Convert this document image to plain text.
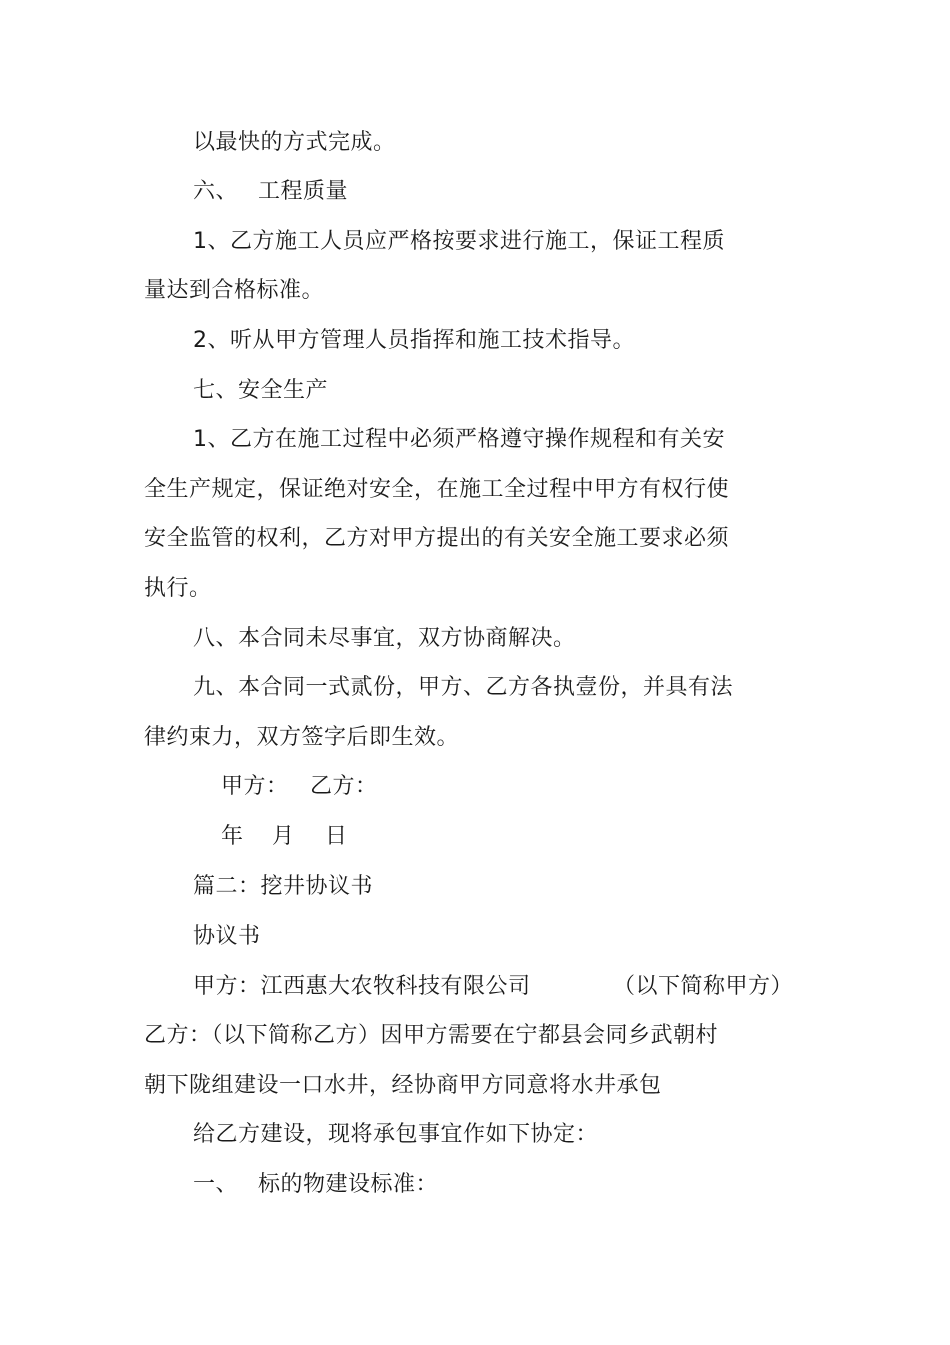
以最快的方式完成。
六、 工程质量
1、乙方施工人员应严格按要求进行施工，保证工程质
量达到合格标准。
2、听从甲方管理人员指挥和施工技术指导。
七、安全生产
1、乙方在施工过程中必须严格遵守操作规程和有关安
全生产规定，保证绝对安全，在施工全过程中甲方有权行使
安全监管的权利，乙方对甲方提出的有关安全施工要求必须
执行。
八、本合同未尽事宜，双方协商解决。
九、本合同一式贰份，甲方、乙方各执壹份，并具有法
律约束力，双方签字后即生效。
甲方： 乙方：
年 月 日
篇二：挖井协议书
协议书
甲方：江西惠大农牧科技有限公司	（以下简称甲方）
乙方：（以下简称乙方）因甲方需要在宁都县会同乡武朝村
朝下陇组建设一口水井，经协商甲方同意将水井承包
给乙方建设，现将承包事宜作如下协定：
一、 标的物建设标准：
